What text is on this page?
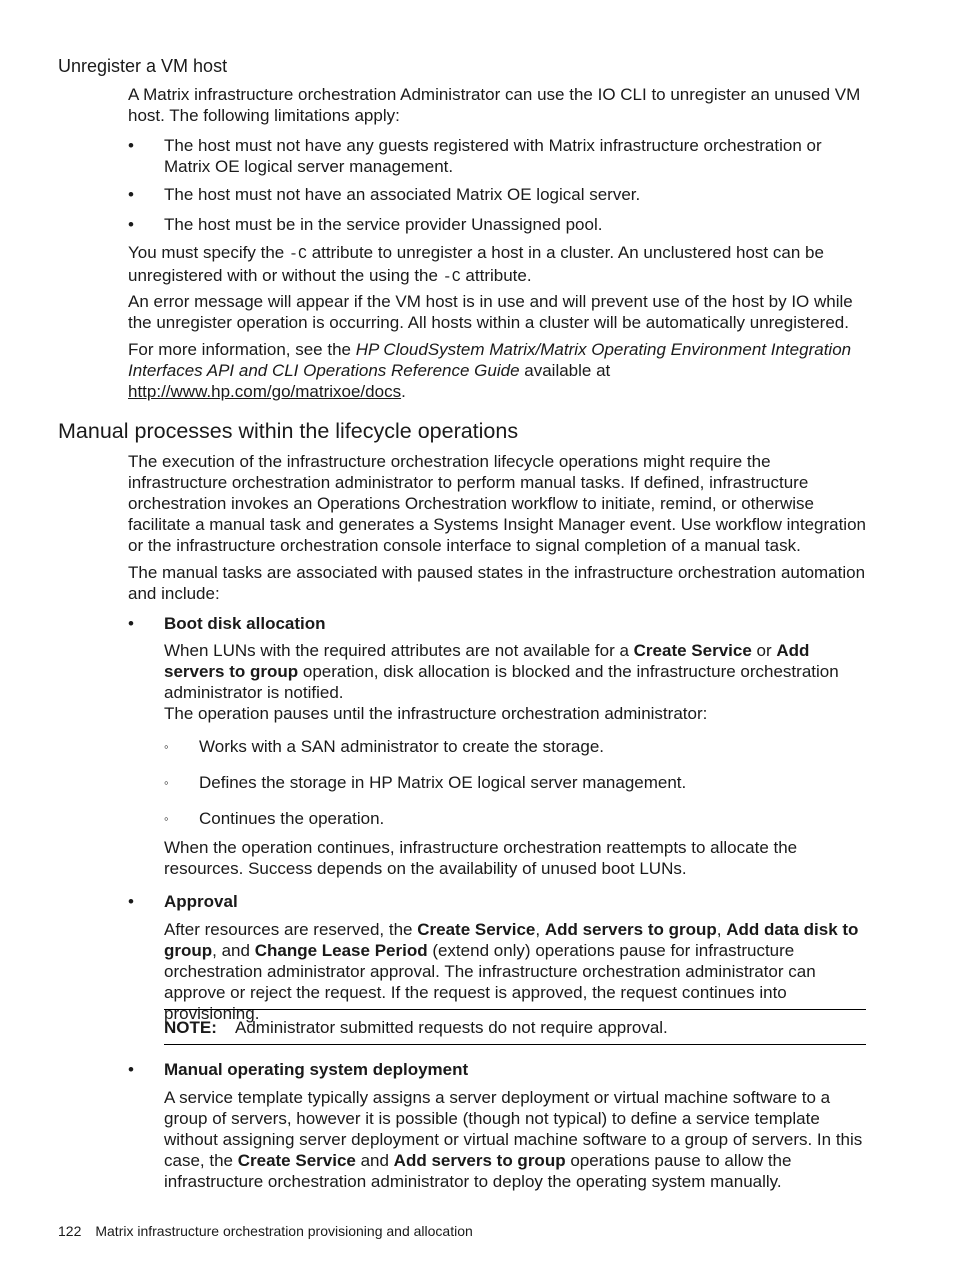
Unregister a VM host
A Matrix infrastructure orchestration Administrator can use the IO CLI to unregister an unused VM host. The following limitations apply:
• The host must not have any guests registered with Matrix infrastructure orchestration or Matrix OE logical server management.
• The host must not have an associated Matrix OE logical server.
• The host must be in the service provider Unassigned pool.
You must specify the -C attribute to unregister a host in a cluster. An unclustered host can be unregistered with or without the using the -C attribute.
An error message will appear if the VM host is in use and will prevent use of the host by IO while the unregister operation is occurring. All hosts within a cluster will be automatically unregistered.
For more information, see the HP CloudSystem Matrix/Matrix Operating Environment Integration Interfaces API and CLI Operations Reference Guide available at http://www.hp.com/go/matrixoe/docs.
Manual processes within the lifecycle operations
The execution of the infrastructure orchestration lifecycle operations might require the infrastructure orchestration administrator to perform manual tasks. If defined, infrastructure orchestration invokes an Operations Orchestration workflow to initiate, remind, or otherwise facilitate a manual task and generates a Systems Insight Manager event. Use workflow integration or the infrastructure orchestration console interface to signal completion of a manual task.
The manual tasks are associated with paused states in the infrastructure orchestration automation and include:
• Boot disk allocation
When LUNs with the required attributes are not available for a Create Service or Add servers to group operation, disk allocation is blocked and the infrastructure orchestration administrator is notified.
The operation pauses until the infrastructure orchestration administrator:
◦ Works with a SAN administrator to create the storage.
◦ Defines the storage in HP Matrix OE logical server management.
◦ Continues the operation.
When the operation continues, infrastructure orchestration reattempts to allocate the resources. Success depends on the availability of unused boot LUNs.
• Approval
After resources are reserved, the Create Service, Add servers to group, Add data disk to group, and Change Lease Period (extend only) operations pause for infrastructure orchestration administrator approval. The infrastructure orchestration administrator can approve or reject the request. If the request is approved, the request continues into provisioning.
NOTE: Administrator submitted requests do not require approval.
• Manual operating system deployment
A service template typically assigns a server deployment or virtual machine software to a group of servers, however it is possible (though not typical) to define a service template without assigning server deployment or virtual machine software to a group of servers. In this case, the Create Service and Add servers to group operations pause to allow the infrastructure orchestration administrator to deploy the operating system manually.
122 Matrix infrastructure orchestration provisioning and allocation
